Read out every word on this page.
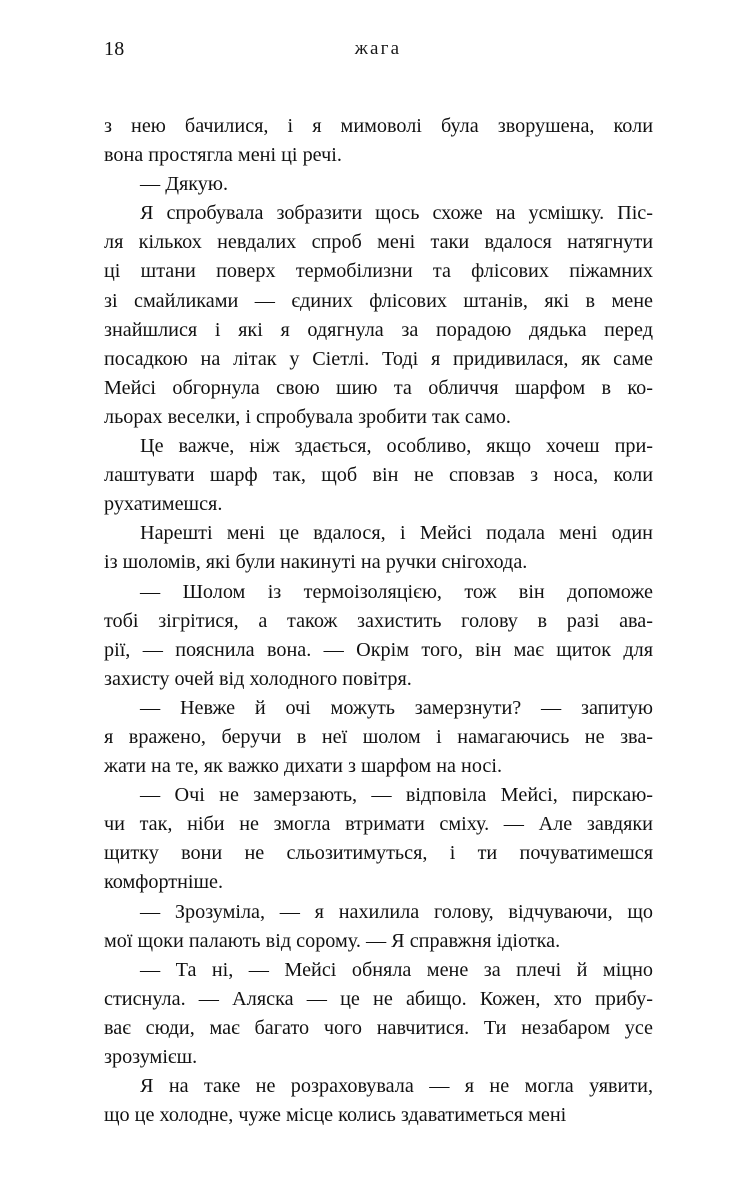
18	жага

з нею бачилися, і я мимоволі була зворушена, коли
вона простягла мені ці речі.

— Дякую.

Я спробувала зобразити щось схоже на усмішку. Піс-
ля кількох невдалих спроб мені таки вдалося натягнути
ці штани поверх термобілизни та флісових піжамних
зі смайликами — єдиних флісових штанів, які в мене
знайшлися і які я одягнула за порадою дядька перед
посадкою на літак у Сіетлі. Тоді я придивилася, як саме
Мейсі обгорнула свою шию та обличчя шарфом в ко-
льорах веселки, і спробувала зробити так само.

Це важче, ніж здається, особливо, якщо хочеш при-
лаштувати шарф так, щоб він не сповзав з носа, коли
рухатимешся.

Нарешті мені це вдалося, і Мейсі подала мені один
із шоломів, які були накинуті на ручки снігохода.

— Шолом із термоізоляцією, тож він допоможе
тобі зігрітися, а також захистить голову в разі ава-
рії, — пояснила вона. — Окрім того, він має щиток для
захисту очей від холодного повітря.

— Невже й очі можуть замерзнути? — запитую
я вражено, беручи в неї шолом і намагаючись не зва-
жати на те, як важко дихати з шарфом на носі.

— Очі не замерзають, — відповіла Мейсі, пирскаю-
чи так, ніби не змогла втримати сміху. — Але завдяки
щитку вони не сльозитимуться, і ти почуватимешся
комфортніше.

— Зрозуміла, — я нахилила голову, відчуваючи, що
мої щоки палають від сорому. — Я справжня ідіотка.

— Та ні, — Мейсі обняла мене за плечі й міцно
стиснула. — Аляска — це не абищо. Кожен, хто прибу-
ває сюди, має багато чого навчитися. Ти незабаром усе
зрозумієш.

Я на таке не розраховувала — я не могла уявити,
що це холодне, чуже місце колись здаватиметься мені
